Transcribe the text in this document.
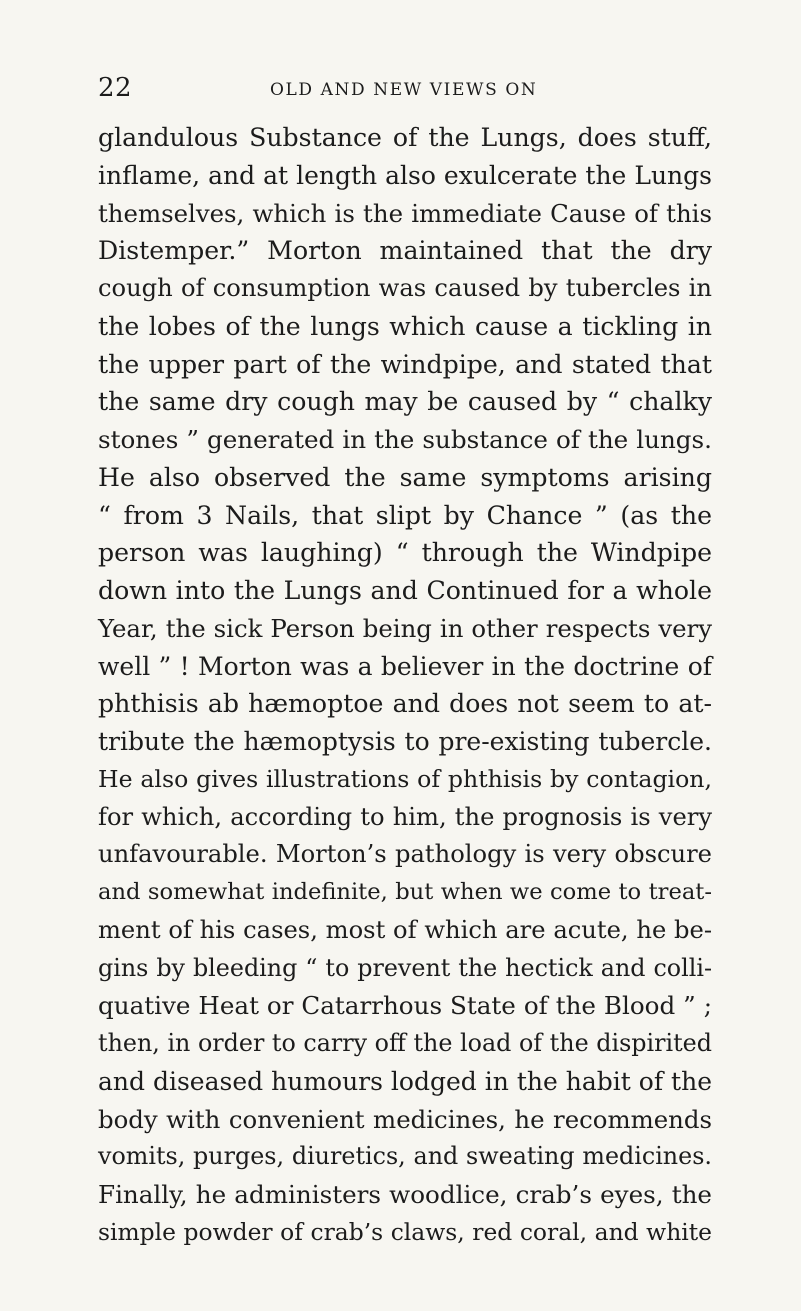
22	OLD AND NEW VIEWS ON
glandulous Substance of the Lungs, does stuff,
inflame, and at length also exulcerate the Lungs
themselves, which is the immediate Cause of this
Distemper.” Morton maintained that the dry
cough of consumption was caused by tubercles in
the lobes of the lungs which cause a tickling in
the upper part of the windpipe, and stated that
the same dry cough may be caused by “ chalky
stones ” generated in the substance of the lungs.
He also observed the same symptoms arising
“ from 3 Nails, that slipt by Chance ” (as the
person was laughing) “ through the Windpipe
down into the Lungs and Continued for a whole
Year, the sick Person being in other respects very
well ” ! Morton was a believer in the doctrine of
phthisis ab hæmoptoe and does not seem to at-
tribute the hæmoptysis to pre-existing tubercle.
He also gives illustrations of phthisis by contagion,
for which, according to him, the prognosis is very
unfavourable. Morton’s pathology is very obscure
and somewhat indefinite, but when we come to treat-
ment of his cases, most of which are acute, he be-
gins by bleeding “ to prevent the hectick and colli-
quative Heat or Catarrhous State of the Blood ” ;
then, in order to carry off the load of the dispirited
and diseased humours lodged in the habit of the
body with convenient medicines, he recommends
vomits, purges, diuretics, and sweating medicines.
Finally, he administers woodlice, crab’s eyes, the
simple powder of crab’s claws, red coral, and white
